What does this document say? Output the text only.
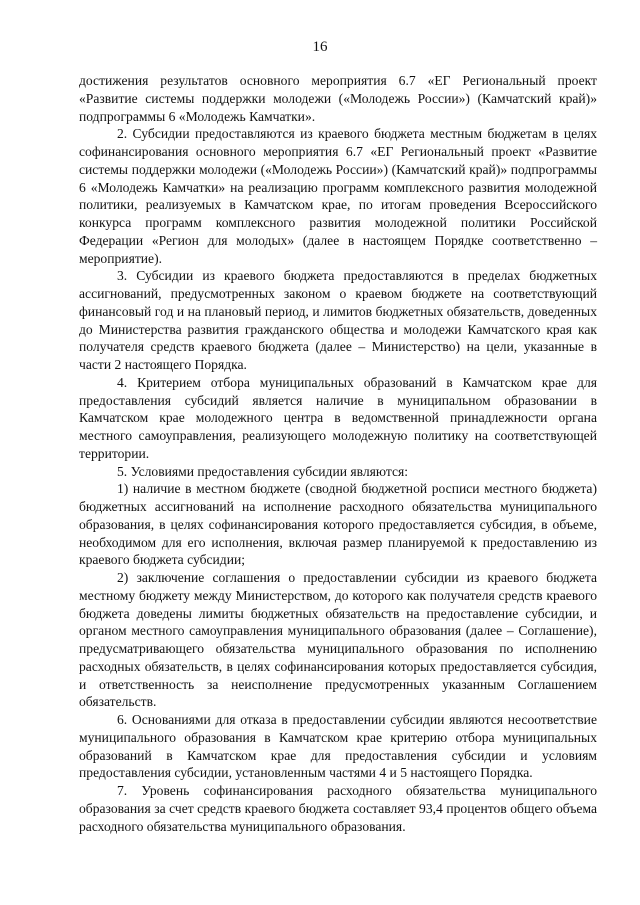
16

достижения результатов основного мероприятия 6.7 «ЕГ Региональный проект «Развитие системы поддержки молодежи («Молодежь России») (Камчатский край)» подпрограммы 6 «Молодежь Камчатки».

2. Субсидии предоставляются из краевого бюджета местным бюджетам в целях софинансирования основного мероприятия 6.7 «ЕГ Региональный проект «Развитие системы поддержки молодежи («Молодежь России») (Камчатский край)» подпрограммы 6 «Молодежь Камчатки» на реализацию программ комплексного развития молодежной политики, реализуемых в Камчатском крае, по итогам проведения Всероссийского конкурса программ комплексного развития молодежной политики Российской Федерации «Регион для молодых» (далее в настоящем Порядке соответственно – мероприятие).

3. Субсидии из краевого бюджета предоставляются в пределах бюджетных ассигнований, предусмотренных законом о краевом бюджете на соответствующий финансовый год и на плановый период, и лимитов бюджетных обязательств, доведенных до Министерства развития гражданского общества и молодежи Камчатского края как получателя средств краевого бюджета (далее – Министерство) на цели, указанные в части 2 настоящего Порядка.

4. Критерием отбора муниципальных образований в Камчатском крае для предоставления субсидий является наличие в муниципальном образовании в Камчатском крае молодежного центра в ведомственной принадлежности органа местного самоуправления, реализующего молодежную политику на соответствующей территории.

5. Условиями предоставления субсидии являются:

1) наличие в местном бюджете (сводной бюджетной росписи местного бюджета) бюджетных ассигнований на исполнение расходного обязательства муниципального образования, в целях софинансирования которого предоставляется субсидия, в объеме, необходимом для его исполнения, включая размер планируемой к предоставлению из краевого бюджета субсидии;

2) заключение соглашения о предоставлении субсидии из краевого бюджета местному бюджету между Министерством, до которого как получателя средств краевого бюджета доведены лимиты бюджетных обязательств на предоставление субсидии, и органом местного самоуправления муниципального образования (далее – Соглашение), предусматривающего обязательства муниципального образования по исполнению расходных обязательств, в целях софинансирования которых предоставляется субсидия, и ответственность за неисполнение предусмотренных указанным Соглашением обязательств.

6. Основаниями для отказа в предоставлении субсидии являются несоответствие муниципального образования в Камчатском крае критерию отбора муниципальных образований в Камчатском крае для предоставления субсидии и условиям предоставления субсидии, установленным частями 4 и 5 настоящего Порядка.

7. Уровень софинансирования расходного обязательства муниципального образования за счет средств краевого бюджета составляет 93,4 процентов общего объема расходного обязательства муниципального образования.
